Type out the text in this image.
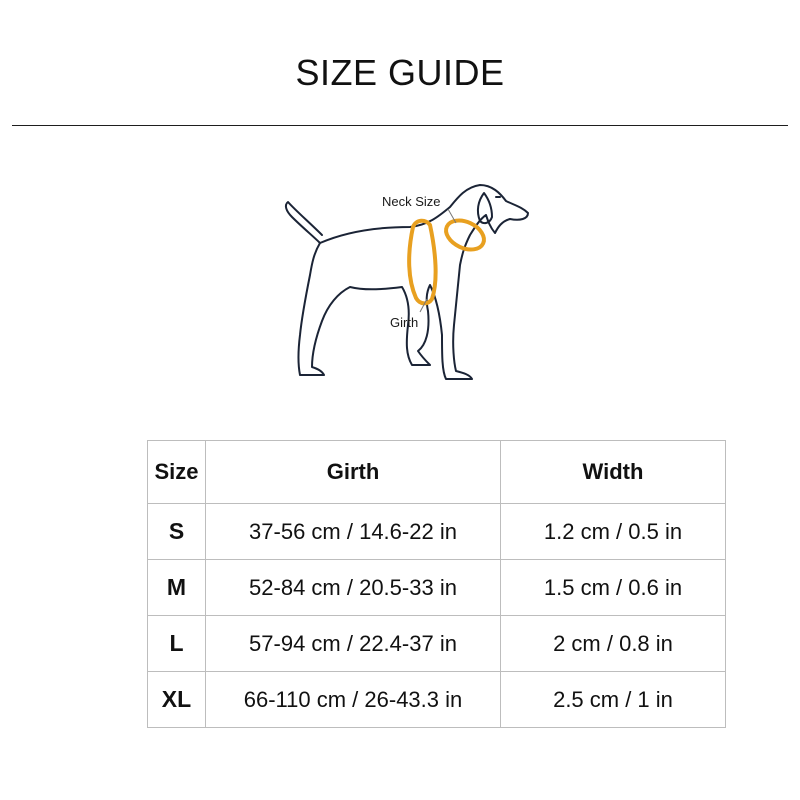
SIZE GUIDE
Neck Size
Girth
Size	Girth	Width
S	37-56 cm / 14.6-22 in	1.2 cm / 0.5 in
M	52-84 cm / 20.5-33 in	1.5 cm / 0.6 in
L	57-94 cm / 22.4-37 in	2 cm / 0.8 in
XL	66-110 cm / 26-43.3 in	2.5 cm / 1 in
